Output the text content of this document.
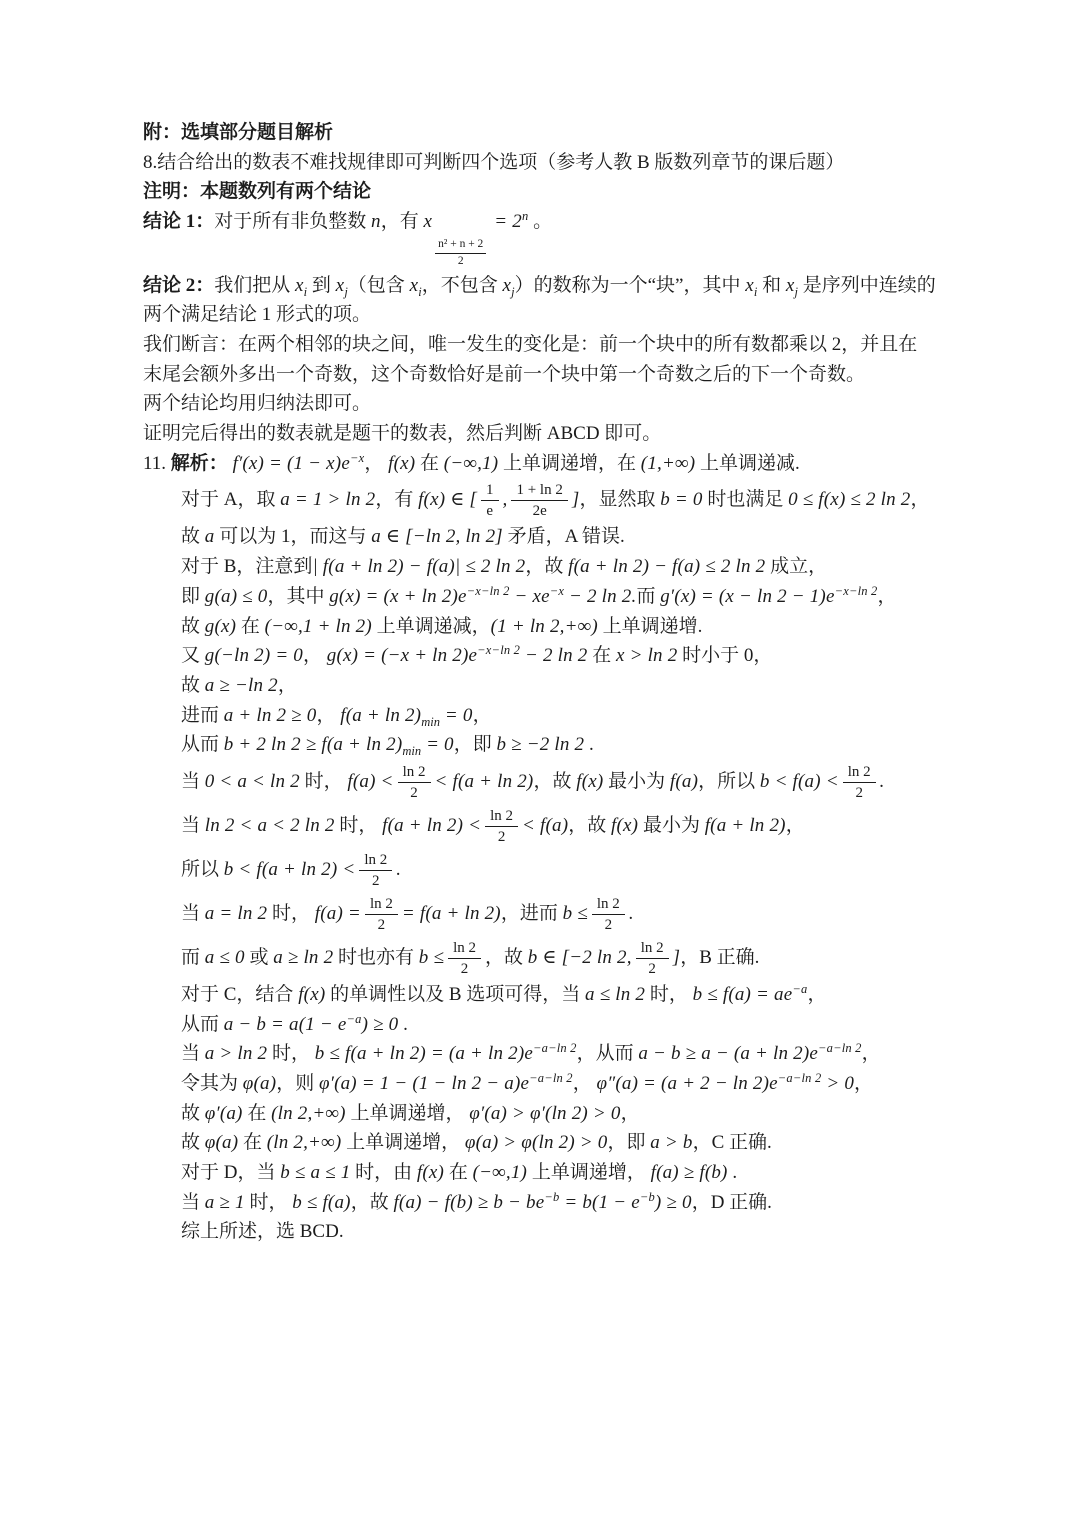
附：选填部分题目解析
8.结合给出的数表不难找规律即可判断四个选项（参考人教 B 版数列章节的课后题）
注明：本题数列有两个结论
结论 1：对于所有非负整数 n，有 x
$\frac{\text{n² + n + 2}}{2}$
= $2^n$ 。
结论 2：我们把从 $x_i$ 到 $x_j$（包含 $x_i$，不包含 $x_j$）的数称为一个“块”，其中 $x_i$ 和 $x_j$ 是序列中连续的
两个满足结论 1 形式的项。
我们断言：在两个相邻的块之间，唯一发生的变化是：前一个块中的所有数都乘以 2，并且在
末尾会额外多出一个奇数，这个奇数恰好是前一个块中第一个奇数之后的下一个奇数。
两个结论均用归纳法即可。
证明完后得出的数表就是题干的数表，然后判断 ABCD 即可。
11. 解析： $f'(x) = (1 - x)e^{-x}$， f(x) 在 (−∞,1) 上单调递增，在 (1,+∞) 上单调递减.
对于 A，取 a = 1 > ln 2，有 f(x) ∈ [ $\frac{1}{e}$ , $\frac{1 + \ln 2}{2e}$ ]，显然取 b = 0 时也满足 0 ≤ f(x) ≤ 2 ln 2，
故 a 可以为 1，而这与 a ∈ [−ln 2, ln 2] 矛盾，A 错误.
对于 B，注意到| f(a + ln 2) − f(a)| ≤ 2 ln 2，故 f(a + ln 2) − f(a) ≤ 2 ln 2 成立，
即 g(a) ≤ 0，其中 $g(x) = (x + \ln 2)e^{-x-ln 2} - xe^{-x} - 2$ ln 2.而 $g'(x) = (x - \ln 2 - 1)e^{-x-ln 2}$，
故 g(x) 在 (−∞,1 + ln 2) 上单调递减，(1 + ln 2,+∞) 上单调递增.
又 g(−ln 2) = 0， $g(x) = (-x + \ln 2)e^{-x-ln 2} - 2$ ln 2 在 x > ln 2 时小于 0，
故 a ≥ −ln 2，
进而 a + ln 2 ≥ 0， $f(a + \ln 2)_{min} = 0$，
从而 b + 2 $\ln 2 \ge f(a + \ln 2)_{min} = 0$，即 b ≥ −2 ln 2 .
当 0 < a < ln 2 时， $f(a) < \frac{\ln 2}{2} < f(a + \ln 2)$，故 f(x) 最小为 f(a)，所以 $b < f(a) < \frac{\ln 2}{2}$ .
当 ln 2 < a < 2 ln 2 时， $f(a + \ln 2) < \frac{\ln 2}{2} < f(a)$，故 f(x) 最小为 f(a + ln 2)，
所以 $b < f(a + \ln 2) < \frac{\ln 2}{2}$ .
当 a = ln 2 时， $f(a) = \frac{\ln 2}{2} = f(a + \ln 2)$，进而 $b \le \frac{\ln 2}{2}$ .
而 a ≤ 0 或 a ≥ ln 2 时也亦有 $b \le \frac{\ln 2}{2}$ ，故 b ∈ [−2 ln 2, $\frac{\ln 2}{2}$ ]，B 正确.
对于 C，结合 f(x) 的单调性以及 B 选项可得，当 a ≤ ln 2 时， $b \le f(a) = ae^{-a}$，
从而 $a - b = a(1 - e^{-a}) \ge 0$ .
当 a > ln 2 时， $b \le f(a + \ln 2) = (a + \ln 2)e^{-a-ln 2}$，从而 $a - b \ge a - (a + \ln 2)e^{-a-ln 2}$，
令其为 φ(a)，则 $\varphi'(a) = 1 - (1 - \ln 2 - a)e^{-a-ln 2}$， $\varphi''(a) = (a + 2 - \ln 2)e^{-a-ln 2} > 0$，
故 φ′(a) 在 (ln 2,+∞) 上单调递增， φ′(a) > φ′(ln 2) > 0，
故 φ(a) 在 (ln 2,+∞) 上单调递增， φ(a) > φ(ln 2) > 0，即 a > b，C 正确.
对于 D，当 b ≤ a ≤ 1 时，由 f(x) 在 (−∞,1) 上单调递增， f(a) ≥ f(b) .
当 a ≥ 1 时， b ≤ f(a)，故 $f(a) - f(b) \ge b - be^{-b} = b(1 - e^{-b}) \ge 0$，D 正确.
综上所述，选 BCD.
